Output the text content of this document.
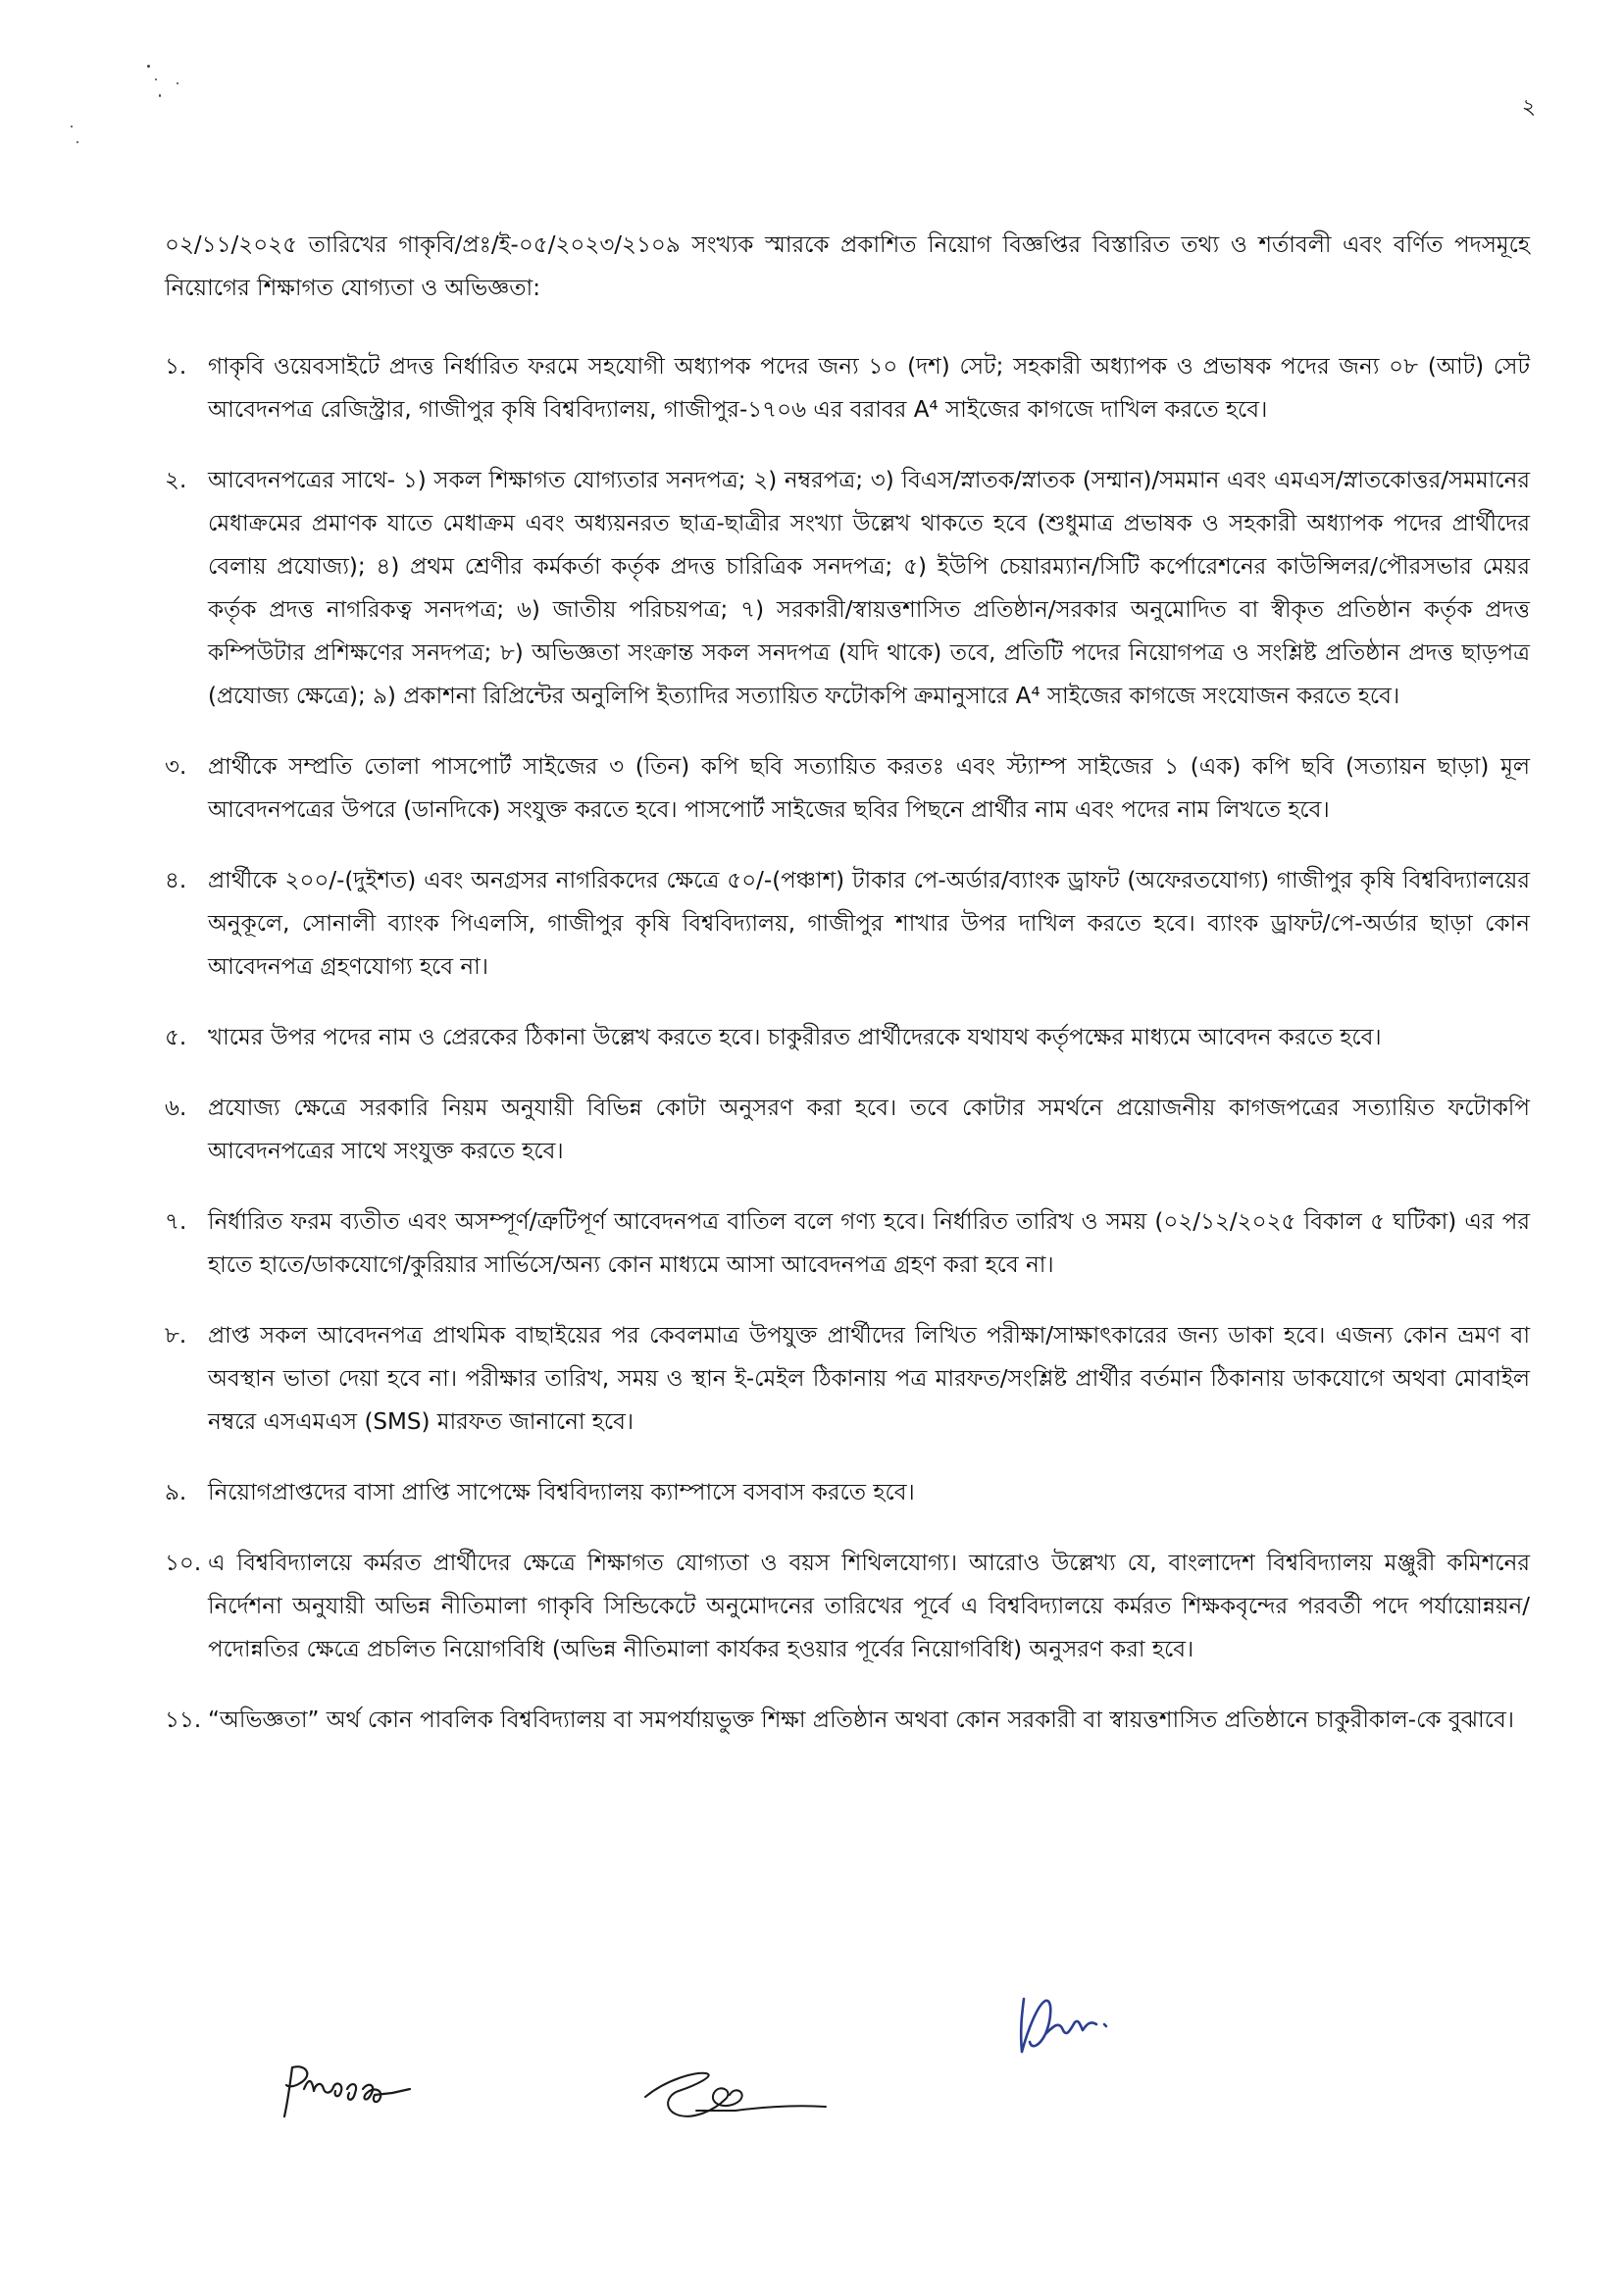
২

০২/১১/২০২৫ তারিখের গাকৃবি/প্রঃ/ই-০৫/২০২৩/২১০৯ সংখ্যক স্মারকে প্রকাশিত নিয়োগ বিজ্ঞপ্তির বিস্তারিত তথ্য ও শর্তাবলী এবং বর্ণিত পদসমূহে নিয়োগের শিক্ষাগত যোগ্যতা ও অভিজ্ঞতা:

১. গাকৃবি ওয়েবসাইটে প্রদত্ত নির্ধারিত ফরমে সহযোগী অধ্যাপক পদের জন্য ১০ (দশ) সেট; সহকারী অধ্যাপক ও প্রভাষক পদের জন্য ০৮ (আট) সেট আবেদনপত্র রেজিস্ট্রার, গাজীপুর কৃষি বিশ্ববিদ্যালয়, গাজীপুর-১৭০৬ এর বরাবর A⁴ সাইজের কাগজে দাখিল করতে হবে।
২. আবেদনপত্রের সাথে- ১) সকল শিক্ষাগত যোগ্যতার সনদপত্র; ২) নম্বরপত্র; ৩) বিএস/স্নাতক/স্নাতক (সম্মান)/সমমান এবং এমএস/স্নাতকোত্তর/সমমানের মেধাক্রমের প্রমাণক যাতে মেধাক্রম এবং অধ্যয়নরত ছাত্র-ছাত্রীর সংখ্যা উল্লেখ থাকতে হবে (শুধুমাত্র প্রভাষক ও সহকারী অধ্যাপক পদের প্রার্থীদের বেলায় প্রযোজ্য); ৪) প্রথম শ্রেণীর কর্মকর্তা কর্তৃক প্রদত্ত চারিত্রিক সনদপত্র; ৫) ইউপি চেয়ারম্যান/সিটি কর্পোরেশনের কাউন্সিলর/পৌরসভার মেয়র কর্তৃক প্রদত্ত নাগরিকত্ব সনদপত্র; ৬) জাতীয় পরিচয়পত্র; ৭) সরকারী/স্বায়ত্তশাসিত প্রতিষ্ঠান/সরকার অনুমোদিত বা স্বীকৃত প্রতিষ্ঠান কর্তৃক প্রদত্ত কম্পিউটার প্রশিক্ষণের সনদপত্র; ৮) অভিজ্ঞতা সংক্রান্ত সকল সনদপত্র (যদি থাকে) তবে, প্রতিটি পদের নিয়োগপত্র ও সংশ্লিষ্ট প্রতিষ্ঠান প্রদত্ত ছাড়পত্র (প্রযোজ্য ক্ষেত্রে); ৯) প্রকাশনা রিপ্রিন্টের অনুলিপি ইত্যাদির সত্যায়িত ফটোকপি ক্রমানুসারে A⁴ সাইজের কাগজে সংযোজন করতে হবে।
৩. প্রার্থীকে সম্প্রতি তোলা পাসপোর্ট সাইজের ৩ (তিন) কপি ছবি সত্যায়িত করতঃ এবং স্ট্যাম্প সাইজের ১ (এক) কপি ছবি (সত্যায়ন ছাড়া) মূল আবেদনপত্রের উপরে (ডানদিকে) সংযুক্ত করতে হবে। পাসপোর্ট সাইজের ছবির পিছনে প্রার্থীর নাম এবং পদের নাম লিখতে হবে।
৪. প্রার্থীকে ২০০/-(দুইশত) এবং অনগ্রসর নাগরিকদের ক্ষেত্রে ৫০/-(পঞ্চাশ) টাকার পে-অর্ডার/ব্যাংক ড্রাফট (অফেরতযোগ্য) গাজীপুর কৃষি বিশ্ববিদ্যালয়ের অনুকূলে, সোনালী ব্যাংক পিএলসি, গাজীপুর কৃষি বিশ্ববিদ্যালয়, গাজীপুর শাখার উপর দাখিল করতে হবে। ব্যাংক ড্রাফট/পে-অর্ডার ছাড়া কোন আবেদনপত্র গ্রহণযোগ্য হবে না।
৫. খামের উপর পদের নাম ও প্রেরকের ঠিকানা উল্লেখ করতে হবে। চাকুরীরত প্রার্থীদেরকে যথাযথ কর্তৃপক্ষের মাধ্যমে আবেদন করতে হবে।
৬. প্রযোজ্য ক্ষেত্রে সরকারি নিয়ম অনুযায়ী বিভিন্ন কোটা অনুসরণ করা হবে। তবে কোটার সমর্থনে প্রয়োজনীয় কাগজপত্রের সত্যায়িত ফটোকপি আবেদনপত্রের সাথে সংযুক্ত করতে হবে।
৭. নির্ধারিত ফরম ব্যতীত এবং অসম্পূর্ণ/ত্রুটিপূর্ণ আবেদনপত্র বাতিল বলে গণ্য হবে। নির্ধারিত তারিখ ও সময় (০২/১২/২০২৫ বিকাল ৫ ঘটিকা) এর পর হাতে হাতে/ডাকযোগে/কুরিয়ার সার্ভিসে/অন্য কোন মাধ্যমে আসা আবেদনপত্র গ্রহণ করা হবে না।
৮. প্রাপ্ত সকল আবেদনপত্র প্রাথমিক বাছাইয়ের পর কেবলমাত্র উপযুক্ত প্রার্থীদের লিখিত পরীক্ষা/সাক্ষাৎকারের জন্য ডাকা হবে। এজন্য কোন ভ্রমণ বা অবস্থান ভাতা দেয়া হবে না। পরীক্ষার তারিখ, সময় ও স্থান ই-মেইল ঠিকানায় পত্র মারফত/সংশ্লিষ্ট প্রার্থীর বর্তমান ঠিকানায় ডাকযোগে অথবা মোবাইল নম্বরে এসএমএস (SMS) মারফত জানানো হবে।
৯. নিয়োগপ্রাপ্তদের বাসা প্রাপ্তি সাপেক্ষে বিশ্ববিদ্যালয় ক্যাম্পাসে বসবাস করতে হবে।
১০. এ বিশ্ববিদ্যালয়ে কর্মরত প্রার্থীদের ক্ষেত্রে শিক্ষাগত যোগ্যতা ও বয়স শিথিলযোগ্য। আরোও উল্লেখ্য যে, বাংলাদেশ বিশ্ববিদ্যালয় মঞ্জুরী কমিশনের নির্দেশনা অনুযায়ী অভিন্ন নীতিমালা গাকৃবি সিন্ডিকেটে অনুমোদনের তারিখের পূর্বে এ বিশ্ববিদ্যালয়ে কর্মরত শিক্ষকবৃন্দের পরবর্তী পদে পর্যায়োন্নয়ন/পদোন্নতির ক্ষেত্রে প্রচলিত নিয়োগবিধি (অভিন্ন নীতিমালা কার্যকর হওয়ার পূর্বের নিয়োগবিধি) অনুসরণ করা হবে।
১১. “অভিজ্ঞতা” অর্থ কোন পাবলিক বিশ্ববিদ্যালয় বা সমপর্যায়ভুক্ত শিক্ষা প্রতিষ্ঠান অথবা কোন সরকারী বা স্বায়ত্তশাসিত প্রতিষ্ঠানে চাকুরীকাল-কে বুঝাবে।
